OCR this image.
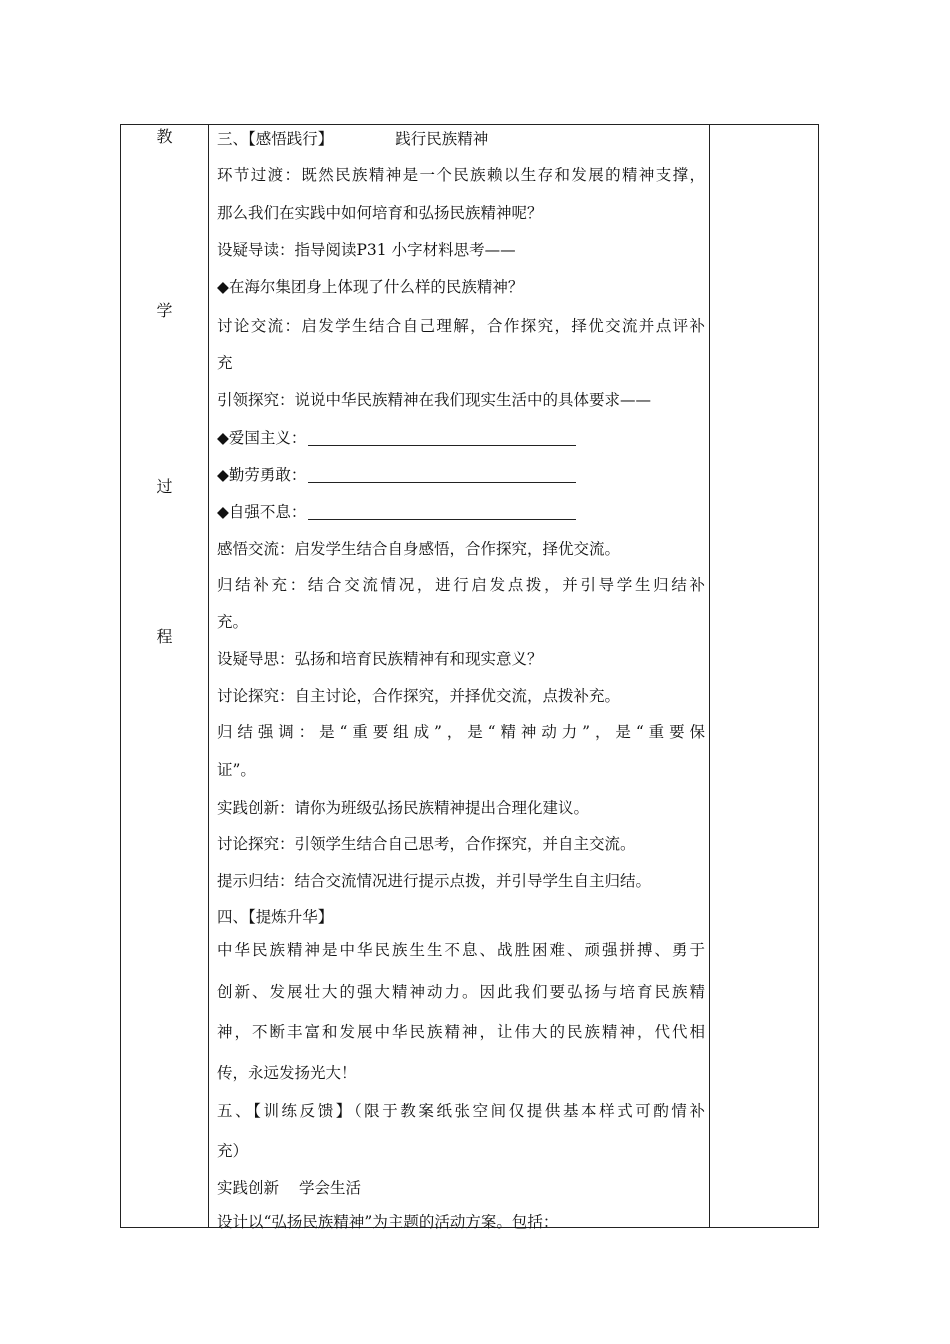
教
学
过
程
三、【感悟践行】	践行民族精神
环节过渡：既然民族精神是一个民族赖以生存和发展的精神支撑，
那么我们在实践中如何培育和弘扬民族精神呢？
设疑导读：指导阅读P31 小字材料思考——
◆在海尔集团身上体现了什么样的民族精神？
讨论交流：启发学生结合自己理解，合作探究，择优交流并点评补
充
引领探究：说说中华民族精神在我们现实生活中的具体要求——
◆爱国主义：
◆勤劳勇敢：
◆自强不息：
感悟交流：启发学生结合自身感悟，合作探究，择优交流。
归结补充：结合交流情况，进行启发点拨，并引导学生归结补
充。
设疑导思：弘扬和培育民族精神有和现实意义？
讨论探究：自主讨论，合作探究，并择优交流，点拨补充。
归结强调：是“重要组成”，是“精神动力”，是“重要保
证”。
实践创新：请你为班级弘扬民族精神提出合理化建议。
讨论探究：引领学生结合自己思考，合作探究，并自主交流。
提示归结：结合交流情况进行提示点拨，并引导学生自主归结。
四、【提炼升华】
中华民族精神是中华民族生生不息、战胜困难、顽强拼搏、勇于
创新、发展壮大的强大精神动力。因此我们要弘扬与培育民族精
神，不断丰富和发展中华民族精神，让伟大的民族精神，代代相
传，永远发扬光大！
五、【训练反馈】（限于教案纸张空间仅提供基本样式可酌情补
充）
实践创新 学会生活
设计以“弘扬民族精神”为主题的活动方案。包括：
